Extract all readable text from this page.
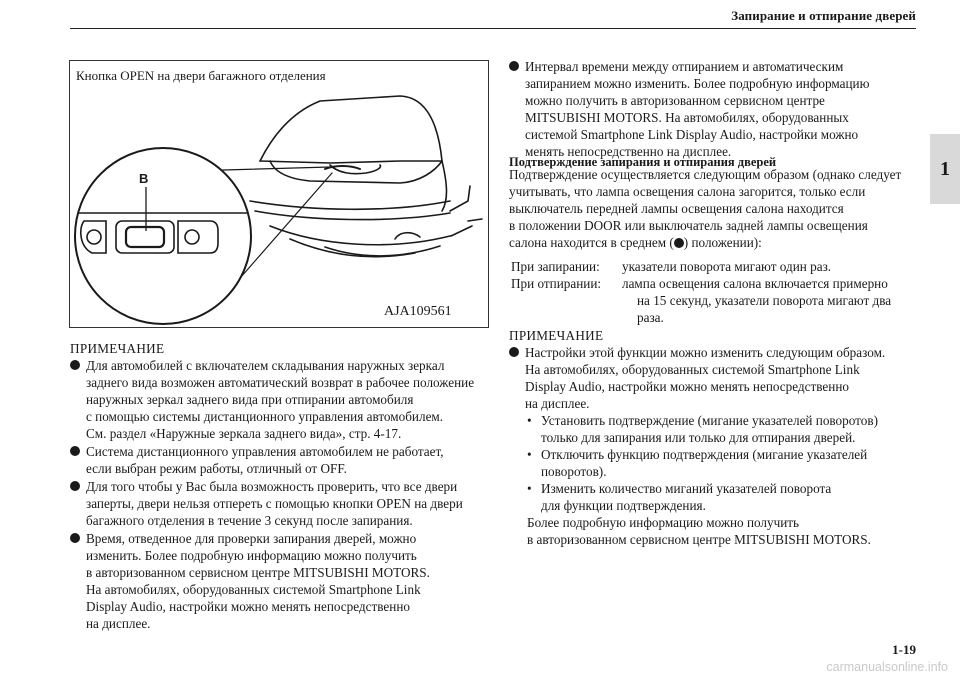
Запирание и отпирание дверей
1
B
Кнопка OPEN на двери багажного отделения
AJA109561
ПРИМЕЧАНИЕ

Для автомобилей с включателем складывания наружных зеркал

заднего вида возможен автоматический возврат в рабочее положение

наружных зеркал заднего вида при отпирании автомобиля

с помощью системы дистанционного управления автомобилем.

См. раздел «Наружные зеркала заднего вида», стр. 4-17.

Система дистанционного управления автомобилем не работает,

если выбран режим работы, отличный от OFF.

Для того чтобы у Вас была возможность проверить, что все двери

заперты, двери нельзя отпереть с помощью кнопки OPEN на двери

багажного отделения в течение 3 секунд после запирания.

Время, отведенное для проверки запирания дверей, можно

изменить. Более подробную информацию можно получить

в авторизованном сервисном центре MITSUBISHI MOTORS.

На автомобилях, оборудованных системой Smartphone Link

Display Audio, настройки можно менять непосредственно

на дисплее.

Интервал времени между отпиранием и автоматическим

запиранием можно изменить. Более подробную информацию

можно получить в авторизованном сервисном центре

MITSUBISHI MOTORS. На автомобилях, оборудованных

системой Smartphone Link Display Audio, настройки можно

менять непосредственно на дисплее.

Подтверждение запирания и отпирания дверей

Подтверждение осуществляется следующим образом (однако следует

учитывать, что лампа освещения салона загорится, только если

выключатель передней лампы освещения салона находится

в положении DOOR или выключатель задней лампы освещения

салона находится в среднем ( ) положении):

При запирании:	указатели поворота мигают один раз.
При отпирании:	лампа освещения салона включается примерно
на 15 секунд, указатели поворота мигают два
раза.
ПРИМЕЧАНИЕ

Настройки этой функции можно изменить следующим образом.

На автомобилях, оборудованных системой Smartphone Link

Display Audio, настройки можно менять непосредственно

на дисплее.

• Установить подтверждение (мигание указателей поворотов)

только для запирания или только для отпирания дверей.

• Отключить функцию подтверждения (мигание указателей

поворотов).

• Изменить количество миганий указателей поворота

для функции подтверждения.

Более подробную информацию можно получить

в авторизованном сервисном центре MITSUBISHI MOTORS.

1-19
carmanualsonline.info
